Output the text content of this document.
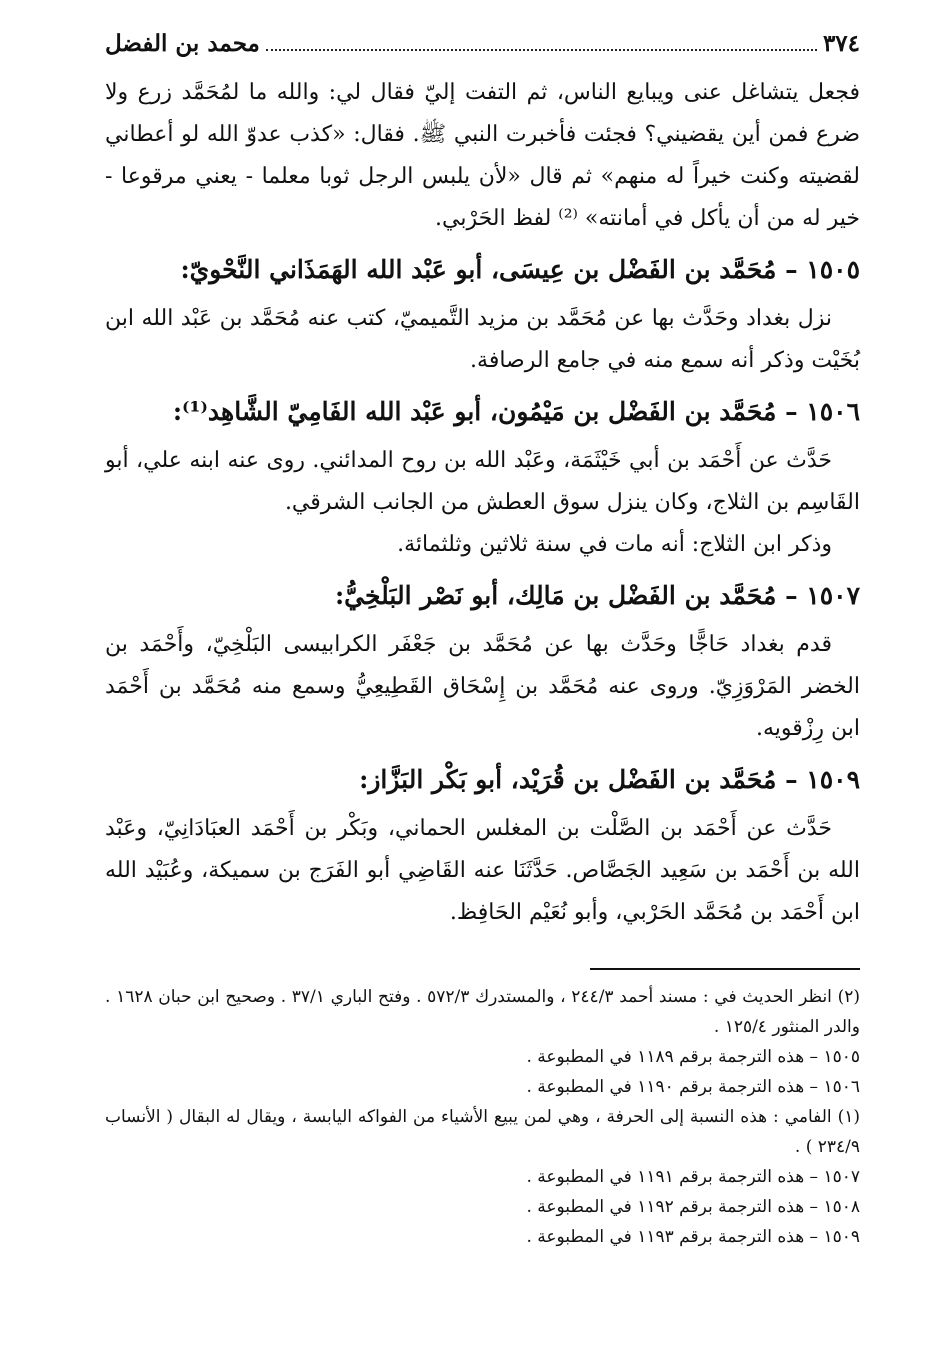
٣٧٤
محمد بن الفضل

فجعل يتشاغل عنى ويبايع الناس، ثم التفت إليّ فقال لي: والله ما لمُحَمَّد زرع ولا ضرع فمن أين يقضيني؟ فجئت فأخبرت النبي ﷺ. فقال: «كذب عدوّ الله لو أعطاني لقضيته وكنت خيراً له منهم» ثم قال «لأن يلبس الرجل ثوبا معلما - يعني مرقوعا - خير له من أن يأكل في أمانته» ⁽²⁾ لفظ الحَرْبي.

١٥٠٥ – مُحَمَّد بن الفَضْل بن عِيسَى، أبو عَبْد الله الهَمَذَاني النَّحْويّ:

نزل بغداد وحَدَّث بها عن مُحَمَّد بن مزيد التَّميميّ، كتب عنه مُحَمَّد بن عَبْد الله ابن بُخَيْت وذكر أنه سمع منه في جامع الرصافة.

١٥٠٦ – مُحَمَّد بن الفَضْل بن مَيْمُون، أبو عَبْد الله الفَامِيّ الشَّاهِد⁽¹⁾:

حَدَّث عن أَحْمَد بن أبي خَيْثَمَة، وعَبْد الله بن روح المدائني. روى عنه ابنه علي، أبو القَاسِم بن الثلاج، وكان ينزل سوق العطش من الجانب الشرقي.

وذكر ابن الثلاج: أنه مات في سنة ثلاثين وثلثمائة.

١٥٠٧ – مُحَمَّد بن الفَضْل بن مَالِك، أبو نَصْر البَلْخِيُّ:

قدم بغداد حَاجًّا وحَدَّث بها عن مُحَمَّد بن جَعْفَر الكرابيسى البَلْخِيّ، وأَحْمَد بن الخضر المَرْوَزِيّ. وروى عنه مُحَمَّد بن إِسْحَاق القَطِيعِيُّ وسمع منه مُحَمَّد بن أَحْمَد ابن رِزْقويه.

١٥٠٩ – مُحَمَّد بن الفَضْل بن قُرَيْد، أبو بَكْر البَزَّاز:

حَدَّث عن أَحْمَد بن الصَّلْت بن المغلس الحماني، وبَكْر بن أَحْمَد العبَادَانِيّ، وعَبْد الله بن أَحْمَد بن سَعِيد الجَصَّاص. حَدَّثَنَا عنه القَاضِي أبو الفَرَج بن سميكة، وعُبَيْد الله ابن أَحْمَد بن مُحَمَّد الحَرْبي، وأبو نُعَيْم الحَافِظ.

(٢) انظر الحديث في : مسند أحمد ٢٤٤/٣ ، والمستدرك ٥٧٢/٣ . وفتح الباري ٣٧/١ . وصحيح ابن حبان ١٦٢٨ . والدر المنثور ١٢٥/٤ .

١٥٠٥ – هذه الترجمة برقم ١١٨٩ في المطبوعة .

١٥٠٦ – هذه الترجمة برقم ١١٩٠ في المطبوعة .

(١) الفامي : هذه النسبة إلى الحرفة ، وهي لمن يبيع الأشياء من الفواكه اليابسة ، ويقال له البقال ( الأنساب ٢٣٤/٩ ) .

١٥٠٧ – هذه الترجمة برقم ١١٩١ في المطبوعة .

١٥٠٨ – هذه الترجمة برقم ١١٩٢ في المطبوعة .

١٥٠٩ – هذه الترجمة برقم ١١٩٣ في المطبوعة .
